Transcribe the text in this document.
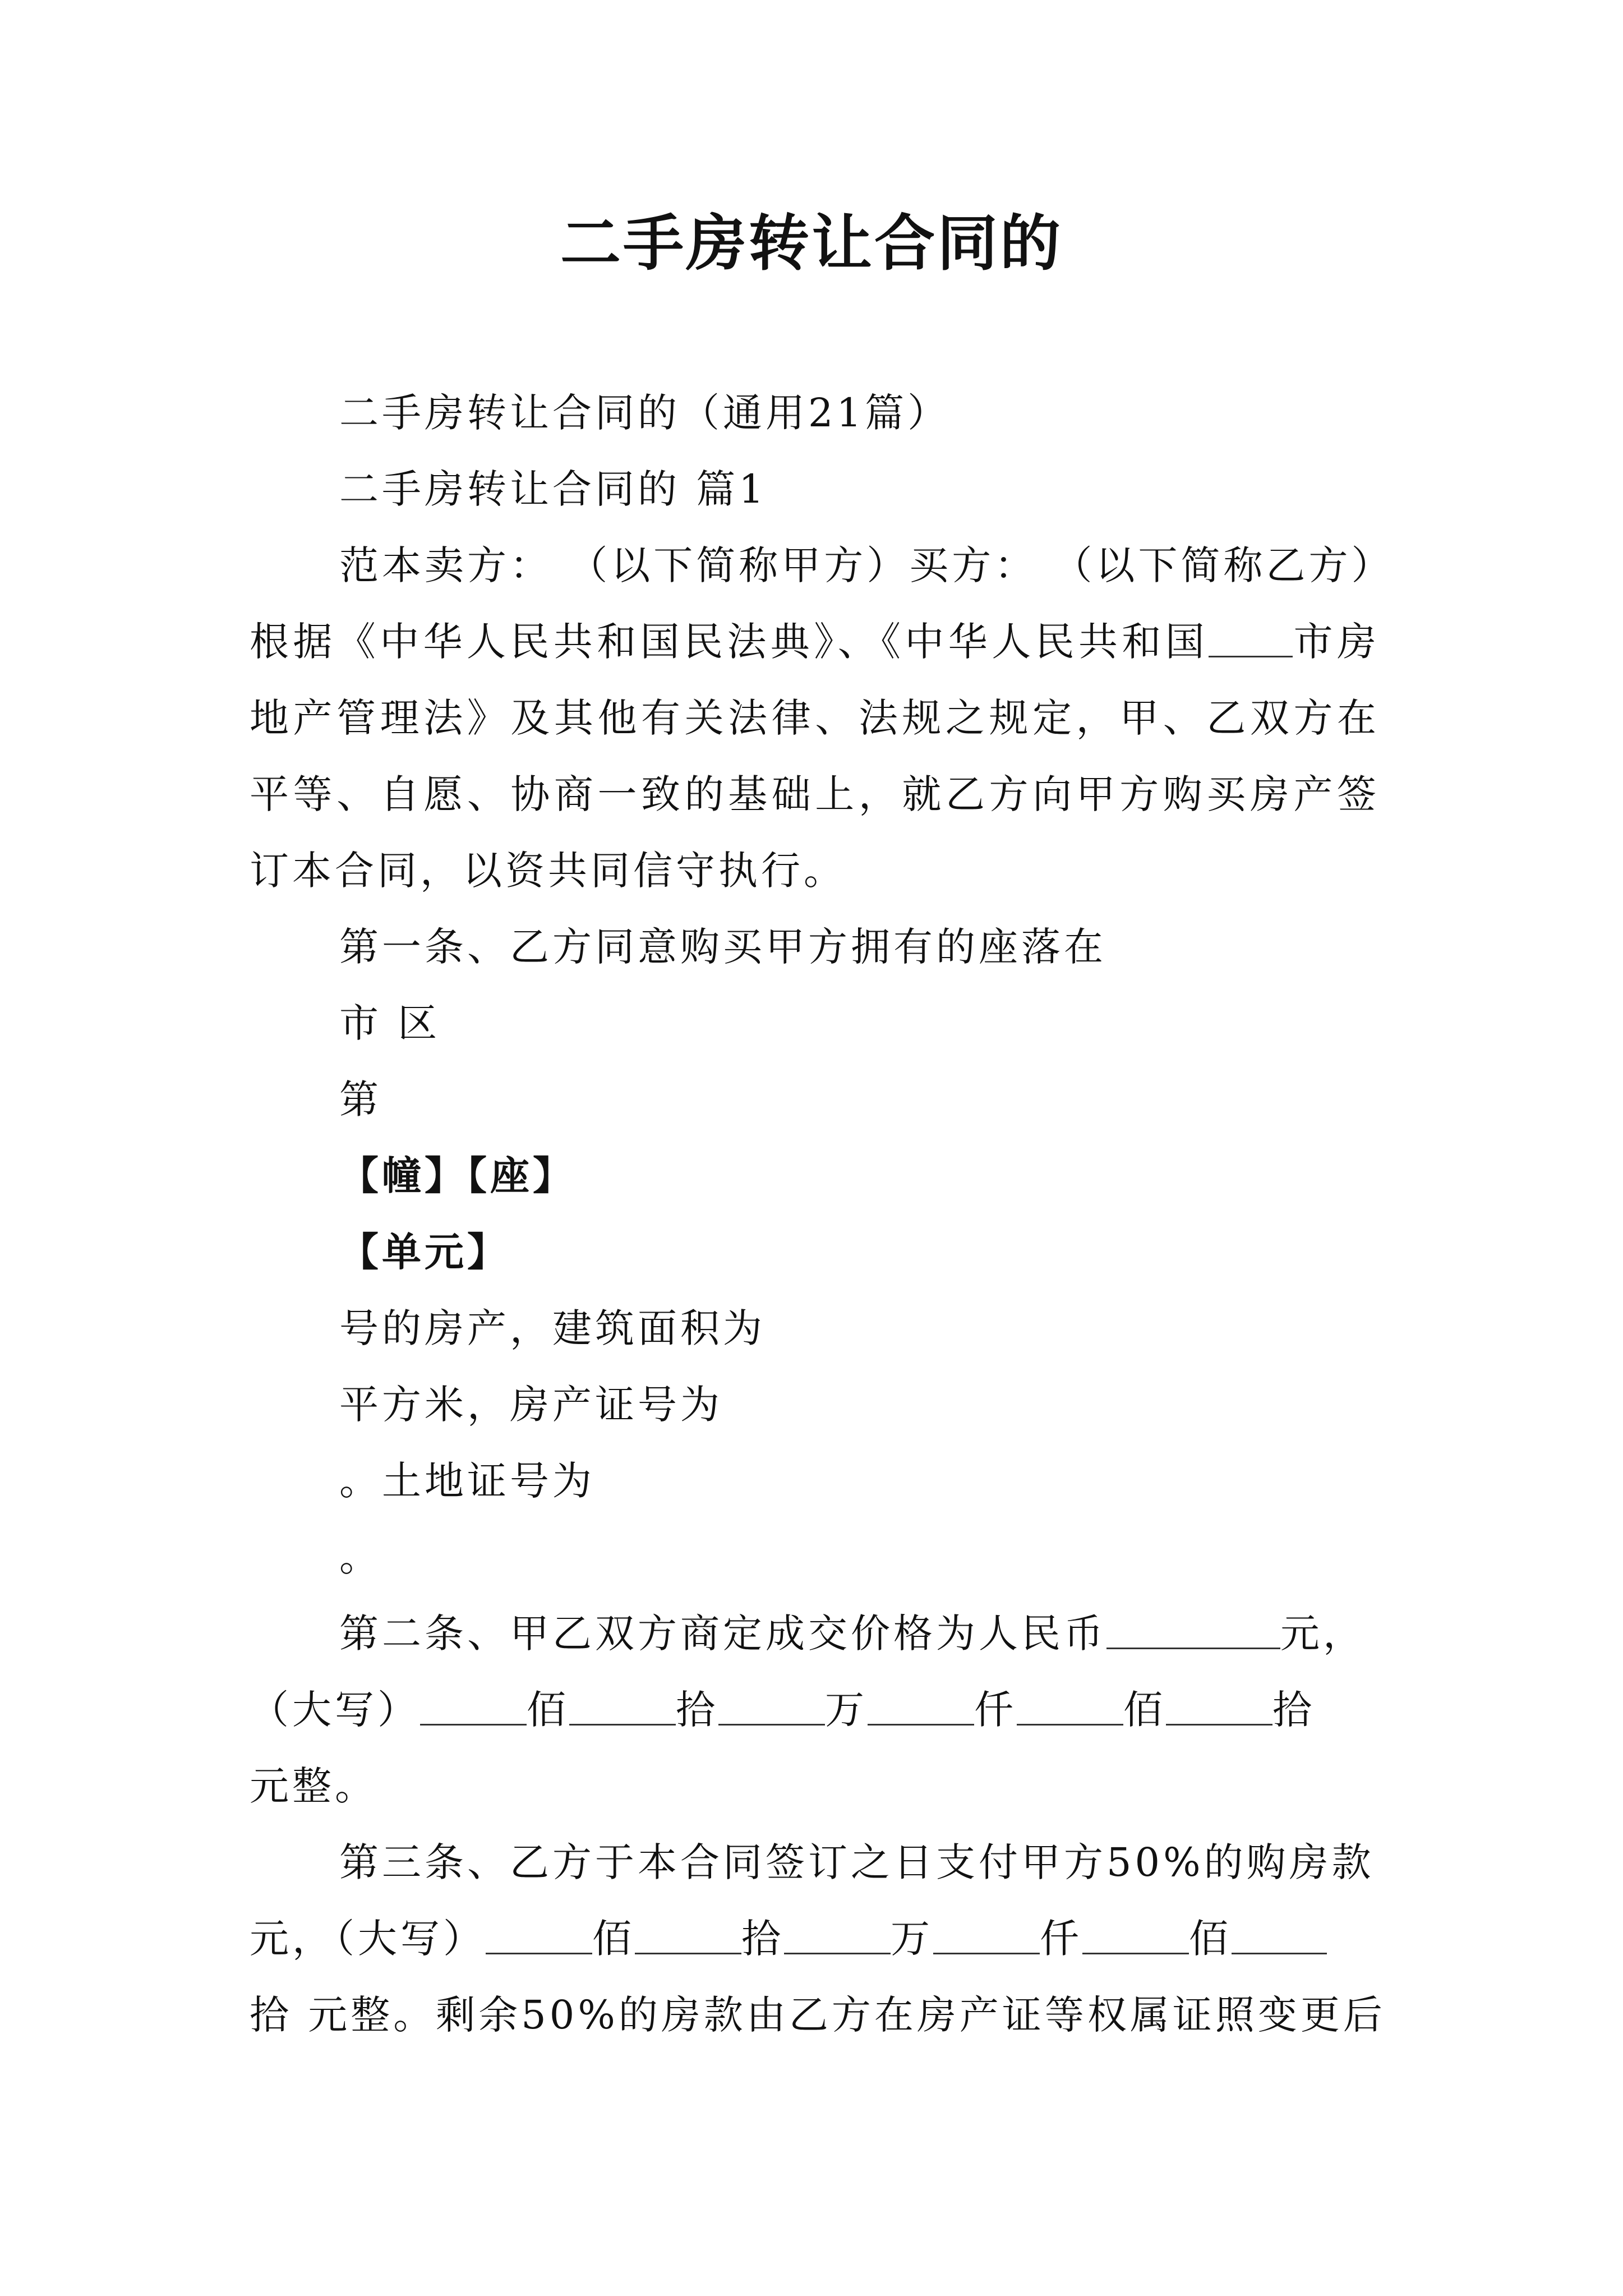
二手房转让合同的

二手房转让合同的（通用21篇）

二手房转让合同的 篇1

范本卖方： （以下简称甲方）买方： （以下简称乙方）

根据《中华人民共和国民法典》、《中华人民共和国 市房

地产管理法》及其他有关法律、法规之规定，甲、乙双方在

平等、自愿、协商一致的基础上，就乙方向甲方购买房产签

订本合同，以资共同信守执行。

第一条、乙方同意购买甲方拥有的座落在

市 区

第

【幢】【座】

【单元】

号的房产，建筑面积为

平方米，房产证号为

。土地证号为

。

第二条、甲乙双方商定成交价格为人民币	元，

（大写）	佰	拾	万	仟	佰	拾

元整。

第三条、乙方于本合同签订之日支付甲方50%的购房款

元，（大写）	佰	拾	万	仟	佰

拾 元整。剩余50%的房款由乙方在房产证等权属证照变更后
